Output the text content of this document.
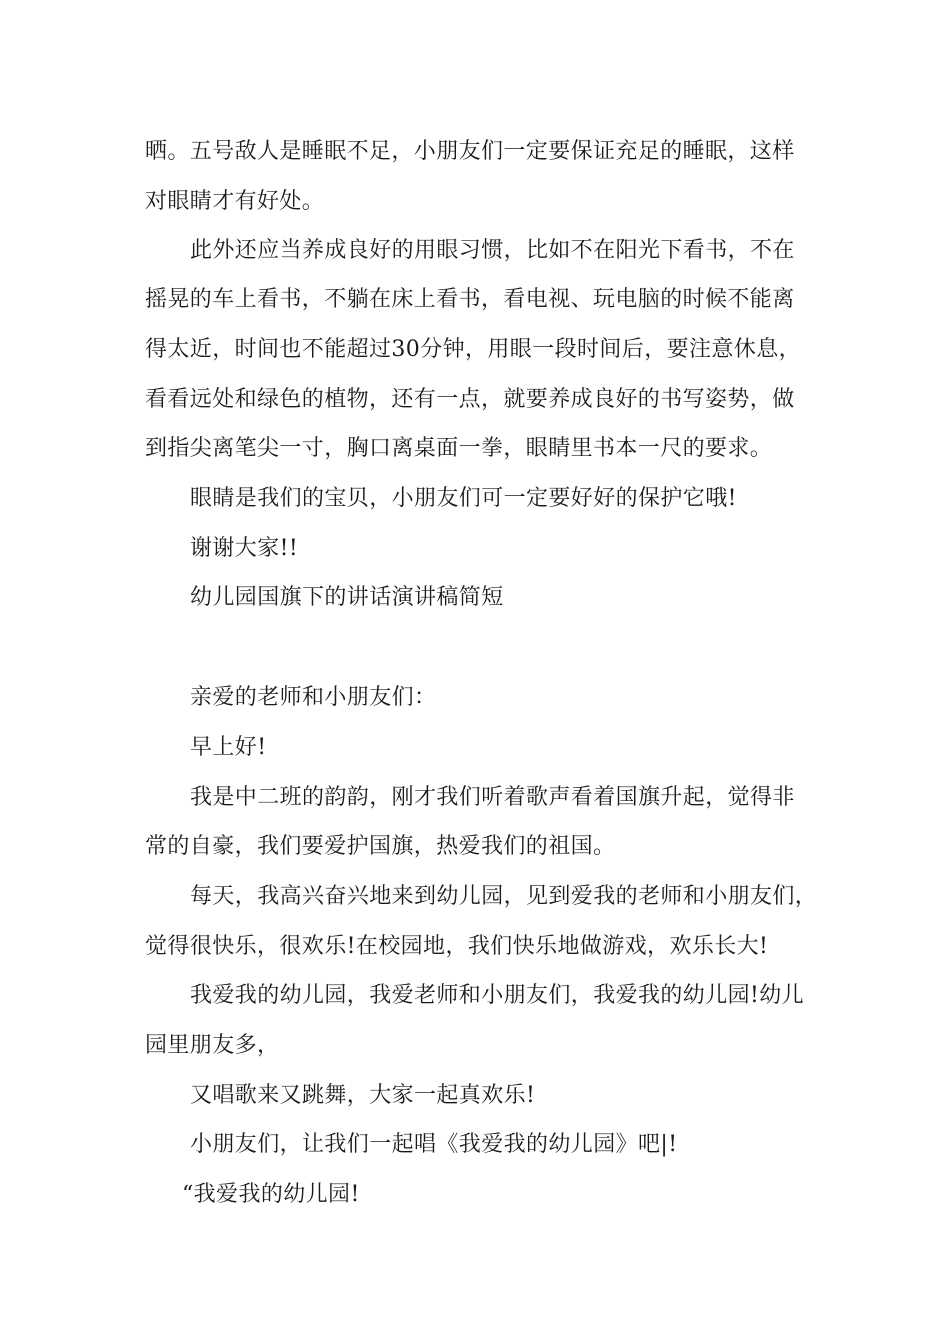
晒。五号敌人是睡眠不足，小朋友们一定要保证充足的睡眠，这样
对眼睛才有好处。
此外还应当养成良好的用眼习惯，比如不在阳光下看书，不在
摇晃的车上看书，不躺在床上看书，看电视、玩电脑的时候不能离
得太近，时间也不能超过30分钟，用眼一段时间后，要注意休息，
看看远处和绿色的植物，还有一点，就要养成良好的书写姿势，做
到指尖离笔尖一寸，胸口离桌面一拳，眼睛里书本一尺的要求。
眼睛是我们的宝贝，小朋友们可一定要好好的保护它哦!
谢谢大家!!
幼儿园国旗下的讲话演讲稿简短
亲爱的老师和小朋友们：
早上好!
我是中二班的韵韵，刚才我们听着歌声看着国旗升起，觉得非
常的自豪，我们要爱护国旗，热爱我们的祖国。
每天，我高兴奋兴地来到幼儿园，见到爱我的老师和小朋友们，
觉得很快乐，很欢乐!在校园地，我们快乐地做游戏，欢乐长大!
我爱我的幼儿园，我爱老师和小朋友们，我爱我的幼儿园!幼儿
园里朋友多，
又唱歌来又跳舞，大家一起真欢乐!
小朋友们，让我们一起唱《我爱我的幼儿园》吧|!
“我爱我的幼儿园!
